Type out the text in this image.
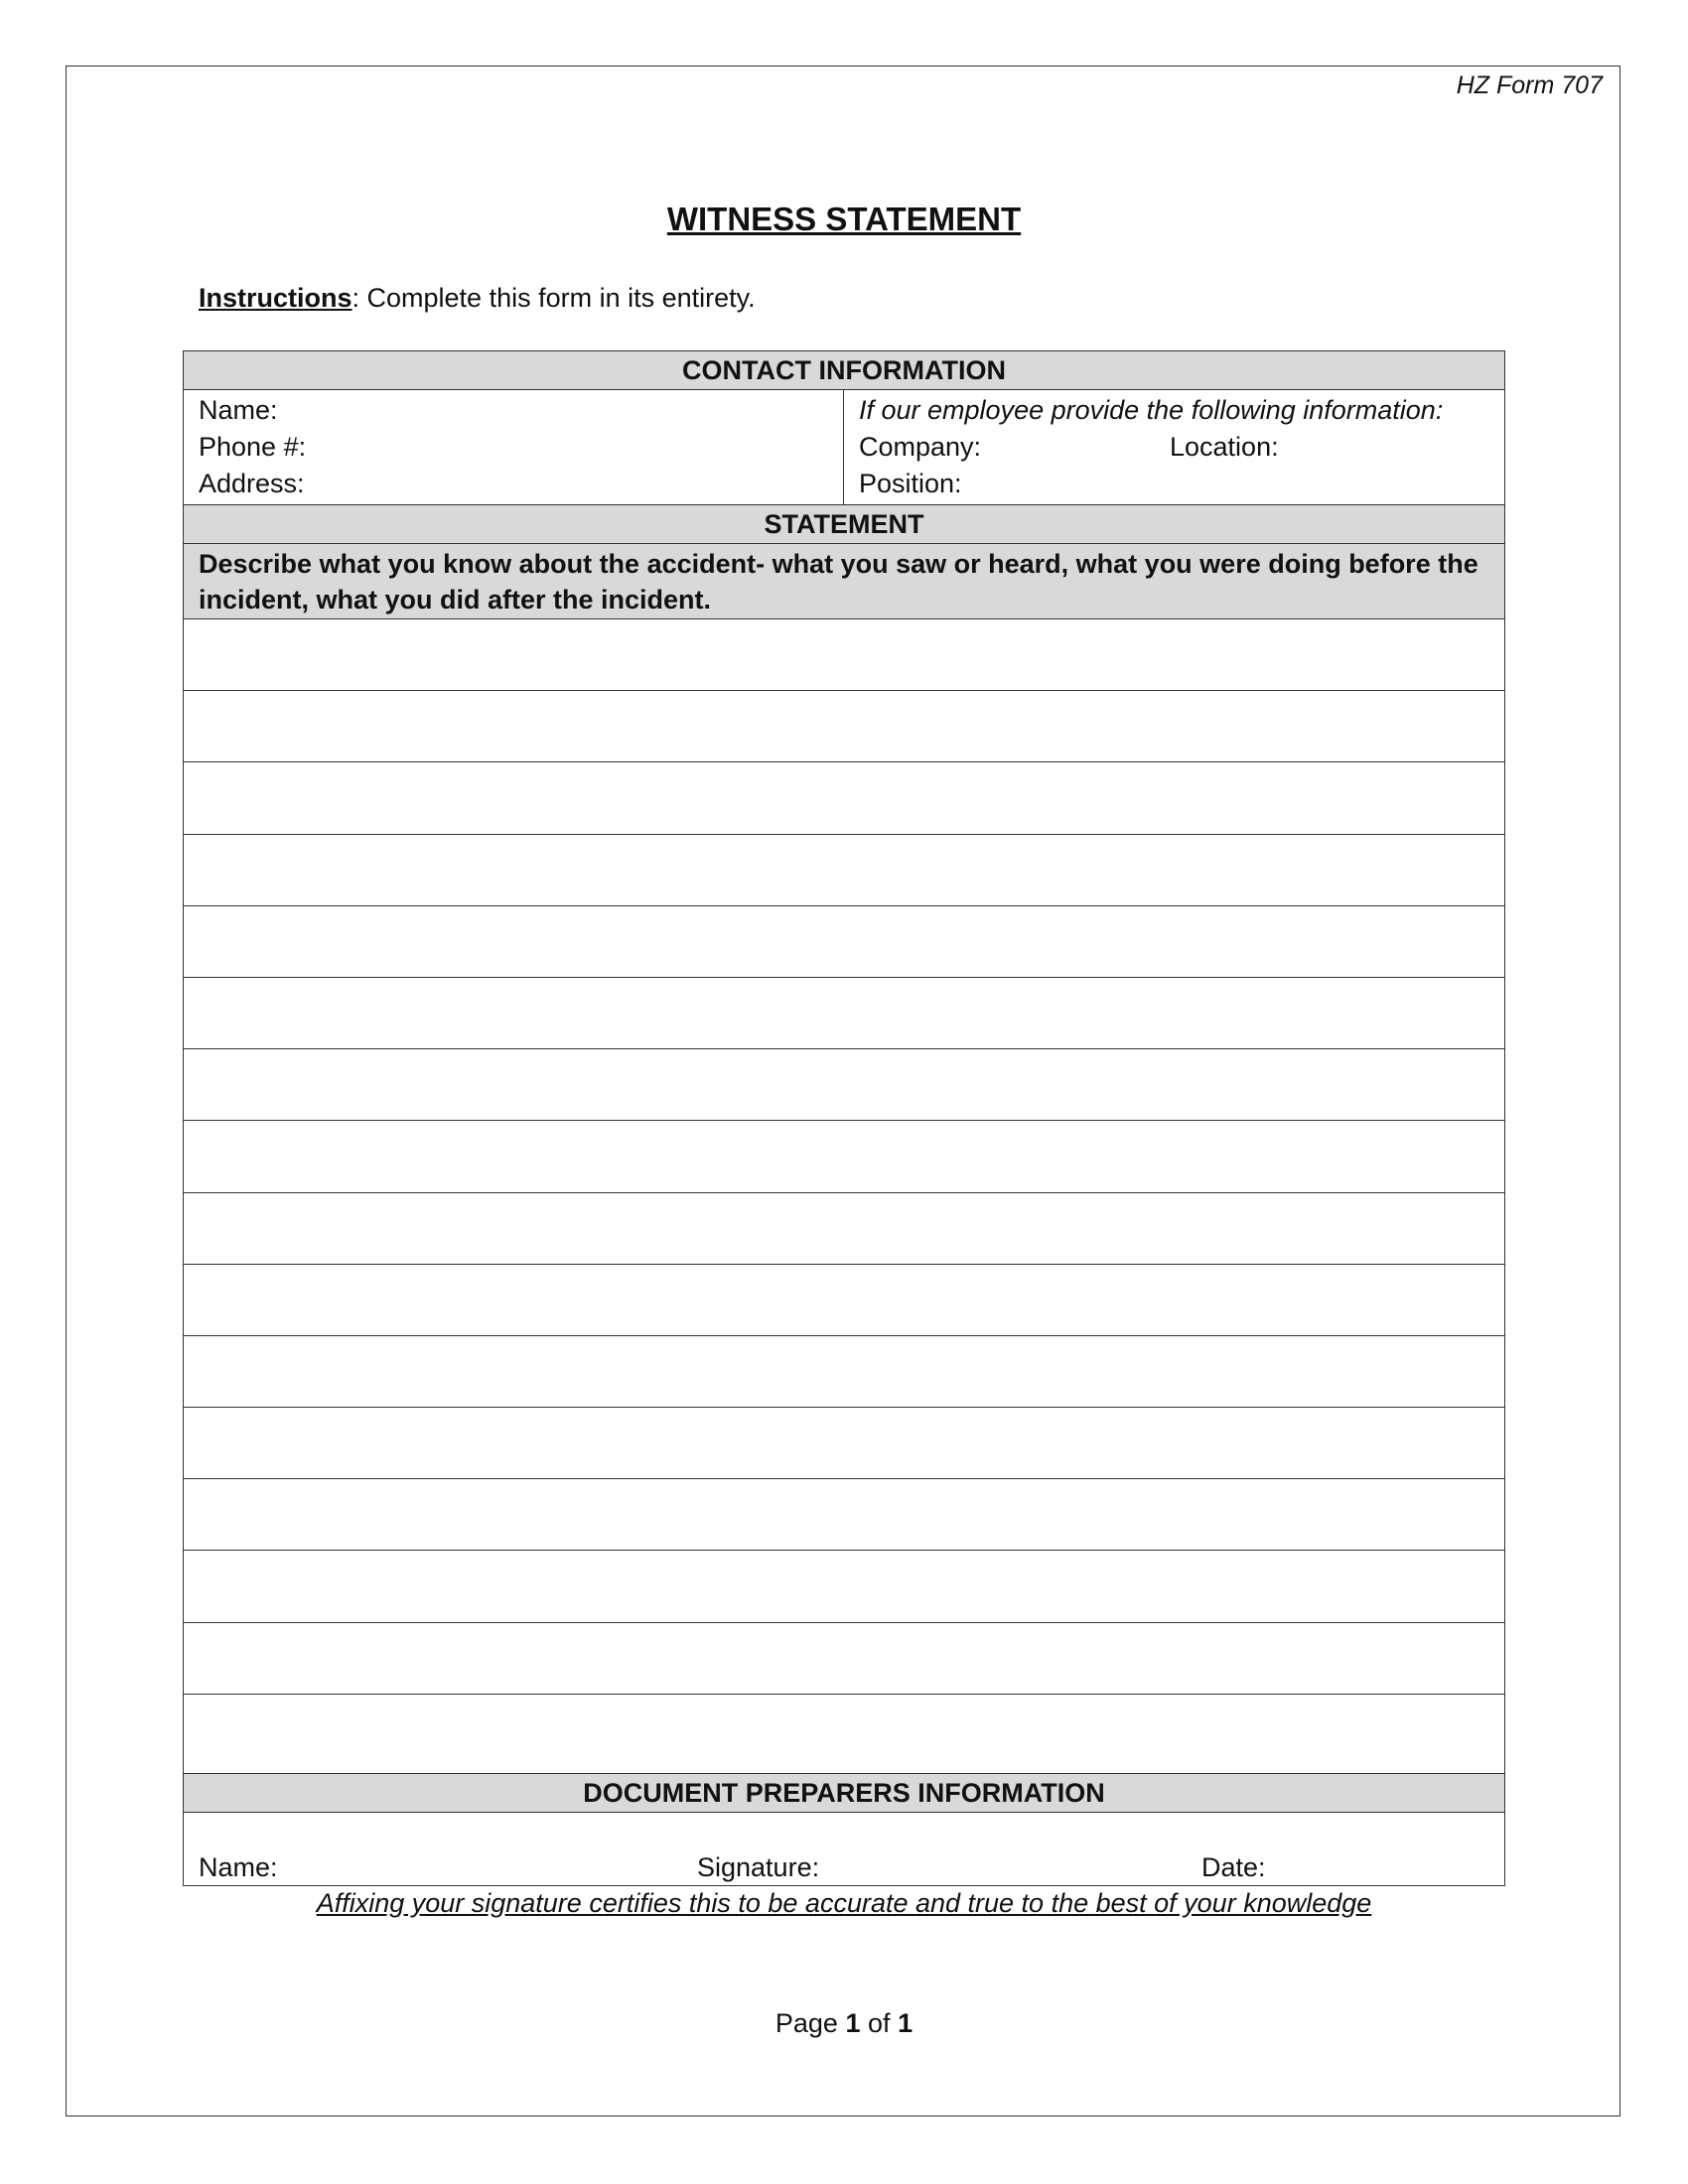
HZ Form 707
WITNESS STATEMENT
Instructions: Complete this form in its entirety.
CONTACT INFORMATION
Name:
Phone #:
Address:
If our employee provide the following information:
Company:	Location:
Position:
STATEMENT
Describe what you know about the accident- what you saw or heard, what you were doing before the incident, what you did after the incident.
DOCUMENT PREPARERS INFORMATION
Name:	Signature:	Date:
Affixing your signature certifies this to be accurate and true to the best of your knowledge
Page 1 of 1
